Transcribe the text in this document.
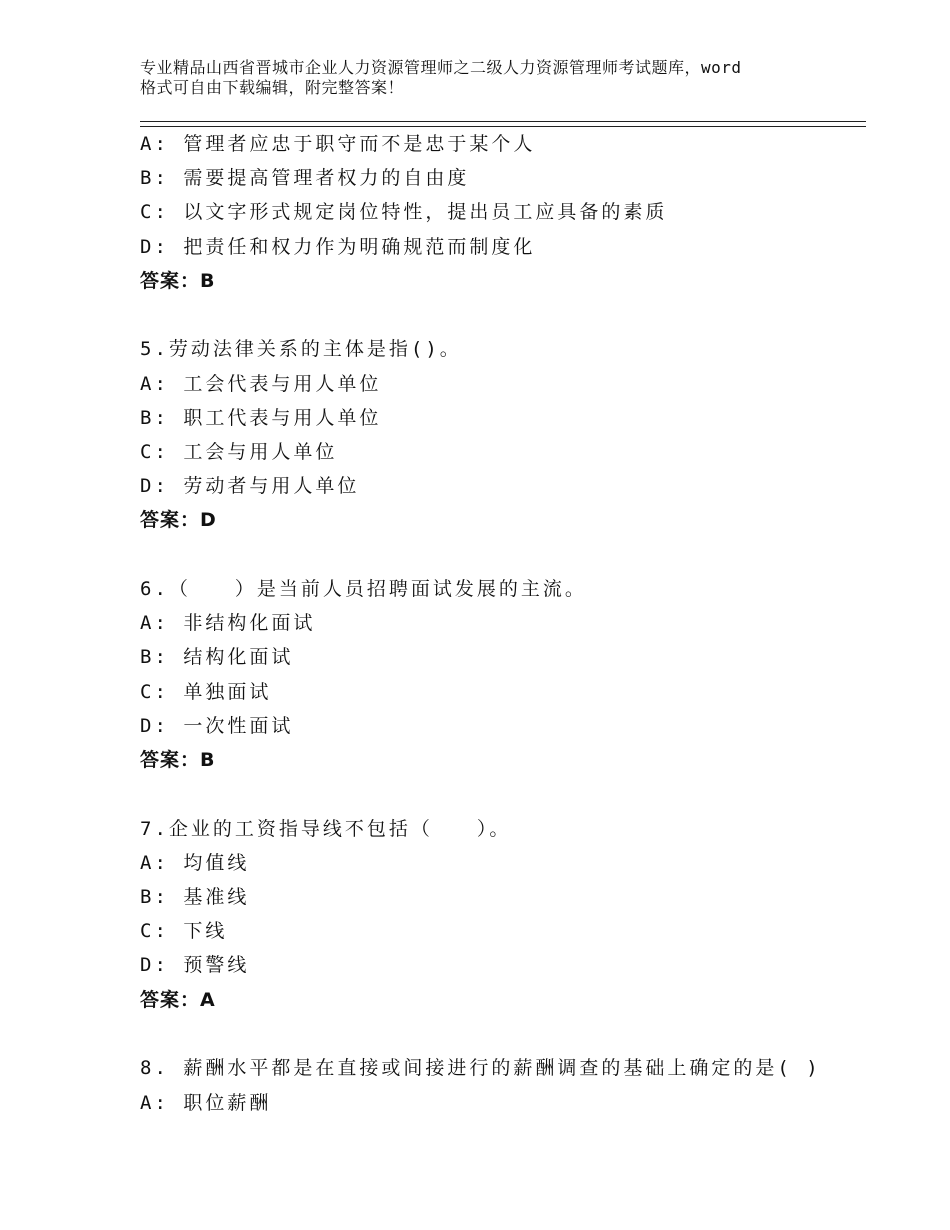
专业精品山西省晋城市企业人力资源管理师之二级人力资源管理师考试题库，word
格式可自由下载编辑，附完整答案！
A: 管理者应忠于职守而不是忠于某个人
B: 需要提高管理者权力的自由度
C: 以文字形式规定岗位特性，提出员工应具备的素质
D: 把责任和权力作为明确规范而制度化
答案：B
5.劳动法律关系的主体是指()。
A: 工会代表与用人单位
B: 职工代表与用人单位
C: 工会与用人单位
D: 劳动者与用人单位
答案：D
6.（　　）是当前人员招聘面试发展的主流。
A: 非结构化面试
B: 结构化面试
C: 单独面试
D: 一次性面试
答案：B
7.企业的工资指导线不包括（　　）。
A: 均值线
B: 基准线
C: 下线
D: 预警线
答案：A
8. 薪酬水平都是在直接或间接进行的薪酬调查的基础上确定的是( )
A: 职位薪酬
